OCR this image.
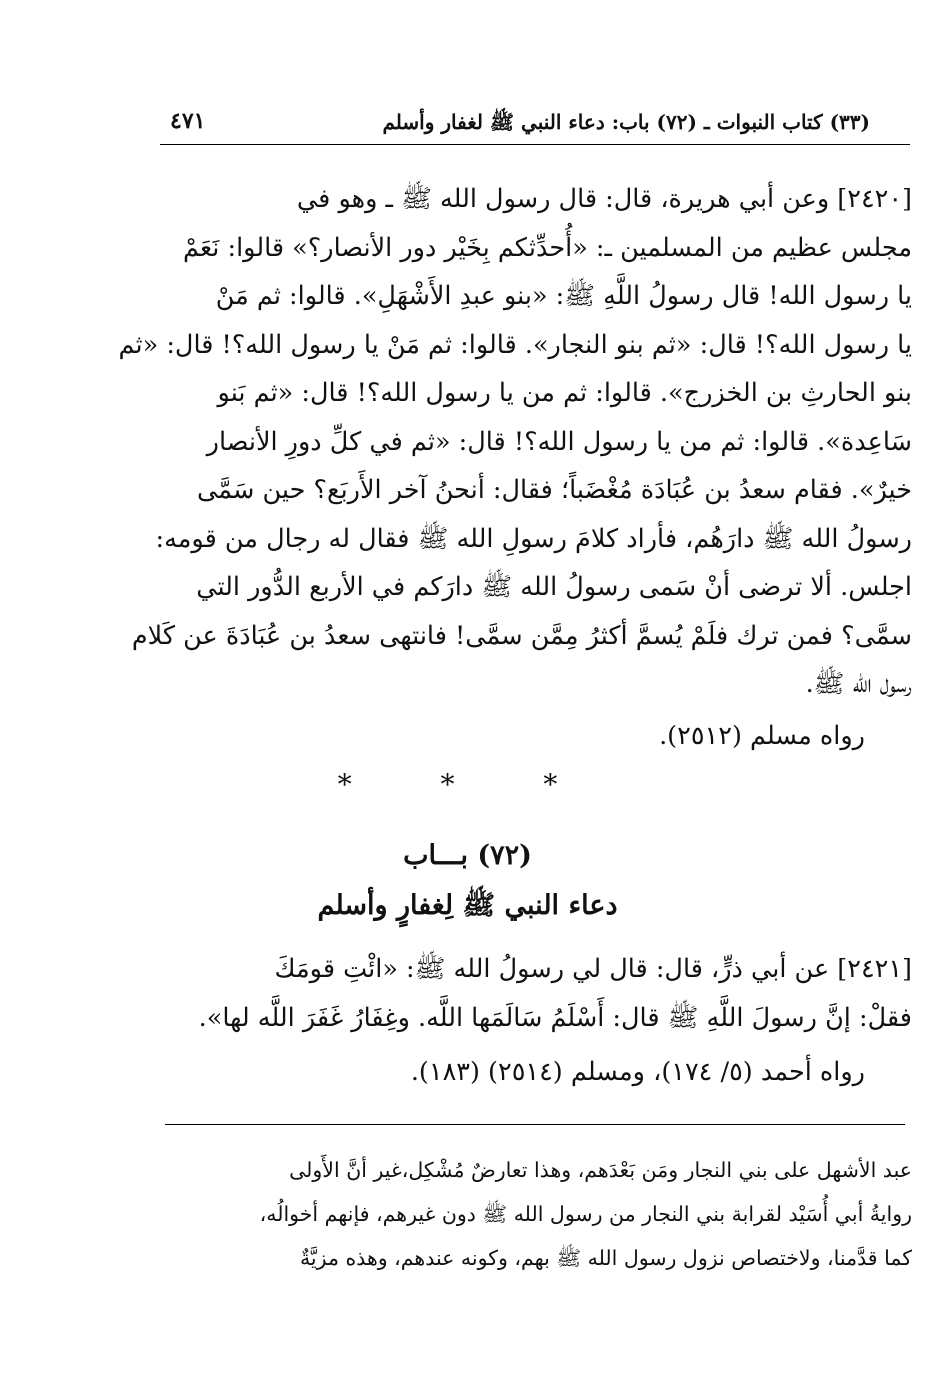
(٣٣) كتاب النبوات ـ (٧٢) باب: دعاء النبي ﷺ لغفار وأسلم
٤٧١

[٢٤٢٠] وعن أبي هريرة، قال: قال رسول الله ﷺ ـ وهو في
مجلس عظيم من المسلمين ـ: «أُحدِّثكم بِخَيْر دور الأنصار؟» قالوا: نَعَمْ
يا رسول الله! قال رسولُ اللَّهِ ﷺ: «بنو عبدِ الأَشْهَلِ». قالوا: ثم مَنْ
يا رسول الله؟! قال: «ثم بنو النجار». قالوا: ثم مَنْ يا رسول الله؟! قال: «ثم
بنو الحارثِ بن الخزرج». قالوا: ثم من يا رسول الله؟! قال: «ثم بَنو
سَاعِدة». قالوا: ثم من يا رسول الله؟! قال: «ثم في كلِّ دورِ الأنصار
خيرٌ». فقام سعدُ بن عُبَادَة مُغْضَباً؛ فقال: أنحنُ آخر الأَربَع؟ حين سَمَّى
رسولُ الله ﷺ دارَهُم، فأراد كلامَ رسولِ الله ﷺ فقال له رجال من قومه:
اجلس. ألا ترضى أنْ سَمى رسولُ الله ﷺ دارَكم في الأربع الدُّور التي
سمَّى؟ فمن ترك فلَمْ يُسمَّ أكثرُ مِمَّن سمَّى! فانتهى سعدُ بن عُبَادَةَ عن كَلام
رسول الله ﷺ.

رواه مسلم (٢٥١٢).

* * *
(٧٢) بـــاب
دعاء النبي ﷺ لِغفارٍ وأسلم

[٢٤٢١] عن أبي ذرٍّ، قال: قال لي رسولُ الله ﷺ: «ائْتِ قومَكَ
فقلْ: إنَّ رسولَ اللَّهِ ﷺ قال: أَسْلَمُ سَالَمَها اللَّه. وغِفَارُ غَفَرَ اللَّه لها».

رواه أحمد (٥/ ١٧٤)، ومسلم (٢٥١٤) (١٨٣).

عبد الأشهل على بني النجار ومَن بَعْدَهم، وهذا تعارضٌ مُشْكِل،غير أنَّ الأَولى
روايةُ أبي أُسَيْد لقرابة بني النجار من رسول الله ﷺ دون غيرهم، فإنهم أخوالُه،
كما قدَّمنا، ولاختصاص نزول رسول الله ﷺ بهم، وكونه عندهم، وهذه مزيَّةٌ
